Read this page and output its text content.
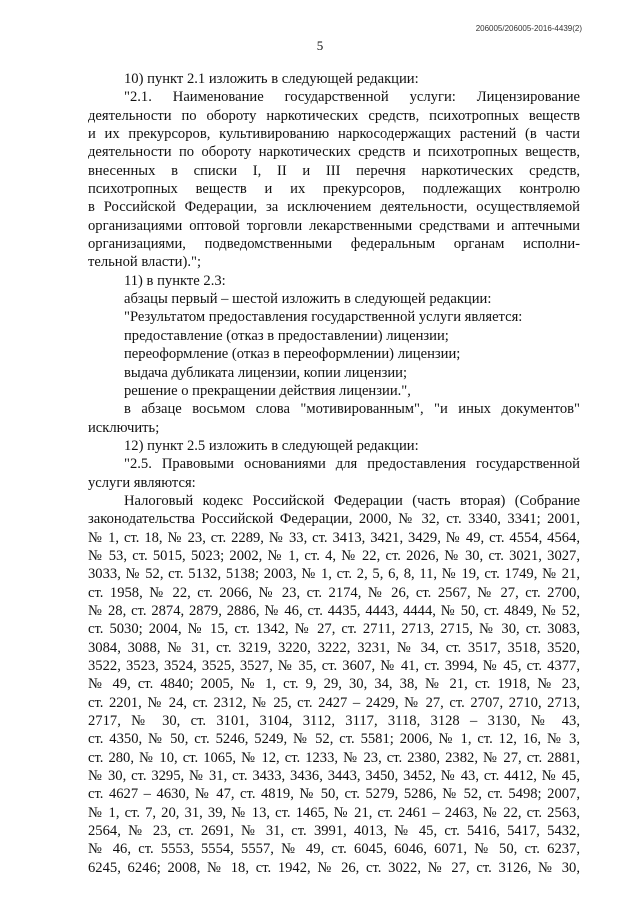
206005/206005-2016-4439(2)
5
10) пункт 2.1 изложить в следующей редакции:
"2.1. Наименование государственной услуги: Лицензирование
деятельности по обороту наркотических средств, психотропных веществ
и их прекурсоров, культивированию наркосодержащих растений (в части
деятельности по обороту наркотических средств и психотропных веществ,
внесенных в списки I, II и III перечня наркотических средств,
психотропных веществ и их прекурсоров, подлежащих контролю
в Российской Федерации, за исключением деятельности, осуществляемой
организациями оптовой торговли лекарственными средствами и аптечными
организациями, подведомственными федеральным органам исполни-
тельной власти).";
11) в пункте 2.3:
абзацы первый – шестой изложить в следующей редакции:
"Результатом предоставления государственной услуги является:
предоставление (отказ в предоставлении) лицензии;
переоформление (отказ в переоформлении) лицензии;
выдача дубликата лицензии, копии лицензии;
решение о прекращении действия лицензии.",
в абзаце восьмом слова "мотивированным", "и иных документов"
исключить;
12) пункт 2.5 изложить в следующей редакции:
"2.5. Правовыми основаниями для предоставления государственной
услуги являются:
Налоговый кодекс Российской Федерации (часть вторая) (Собрание
законодательства Российской Федерации, 2000, № 32, ст. 3340, 3341; 2001,
№ 1, ст. 18, № 23, ст. 2289, № 33, ст. 3413, 3421, 3429, № 49, ст. 4554, 4564,
№ 53, ст. 5015, 5023; 2002, № 1, ст. 4, № 22, ст. 2026, № 30, ст. 3021, 3027,
3033, № 52, ст. 5132, 5138; 2003, № 1, ст. 2, 5, 6, 8, 11, № 19, ст. 1749, № 21,
ст. 1958, № 22, ст. 2066, № 23, ст. 2174, № 26, ст. 2567, № 27, ст. 2700,
№ 28, ст. 2874, 2879, 2886, № 46, ст. 4435, 4443, 4444, № 50, ст. 4849, № 52,
ст. 5030; 2004, № 15, ст. 1342, № 27, ст. 2711, 2713, 2715, № 30, ст. 3083,
3084, 3088, № 31, ст. 3219, 3220, 3222, 3231, № 34, ст. 3517, 3518, 3520,
3522, 3523, 3524, 3525, 3527, № 35, ст. 3607, № 41, ст. 3994, № 45, ст. 4377,
№ 49, ст. 4840; 2005, № 1, ст. 9, 29, 30, 34, 38, № 21, ст. 1918, № 23,
ст. 2201, № 24, ст. 2312, № 25, ст. 2427 – 2429, № 27, ст. 2707, 2710, 2713,
2717, № 30, ст. 3101, 3104, 3112, 3117, 3118, 3128 – 3130, № 43,
ст. 4350, № 50, ст. 5246, 5249, № 52, ст. 5581; 2006, № 1, ст. 12, 16, № 3,
ст. 280, № 10, ст. 1065, № 12, ст. 1233, № 23, ст. 2380, 2382, № 27, ст. 2881,
№ 30, ст. 3295, № 31, ст. 3433, 3436, 3443, 3450, 3452, № 43, ст. 4412, № 45,
ст. 4627 – 4630, № 47, ст. 4819, № 50, ст. 5279, 5286, № 52, ст. 5498; 2007,
№ 1, ст. 7, 20, 31, 39, № 13, ст. 1465, № 21, ст. 2461 – 2463, № 22, ст. 2563,
2564, № 23, ст. 2691, № 31, ст. 3991, 4013, № 45, ст. 5416, 5417, 5432,
№ 46, ст. 5553, 5554, 5557, № 49, ст. 6045, 6046, 6071, № 50, ст. 6237,
6245, 6246; 2008, № 18, ст. 1942, № 26, ст. 3022, № 27, ст. 3126, № 30,
